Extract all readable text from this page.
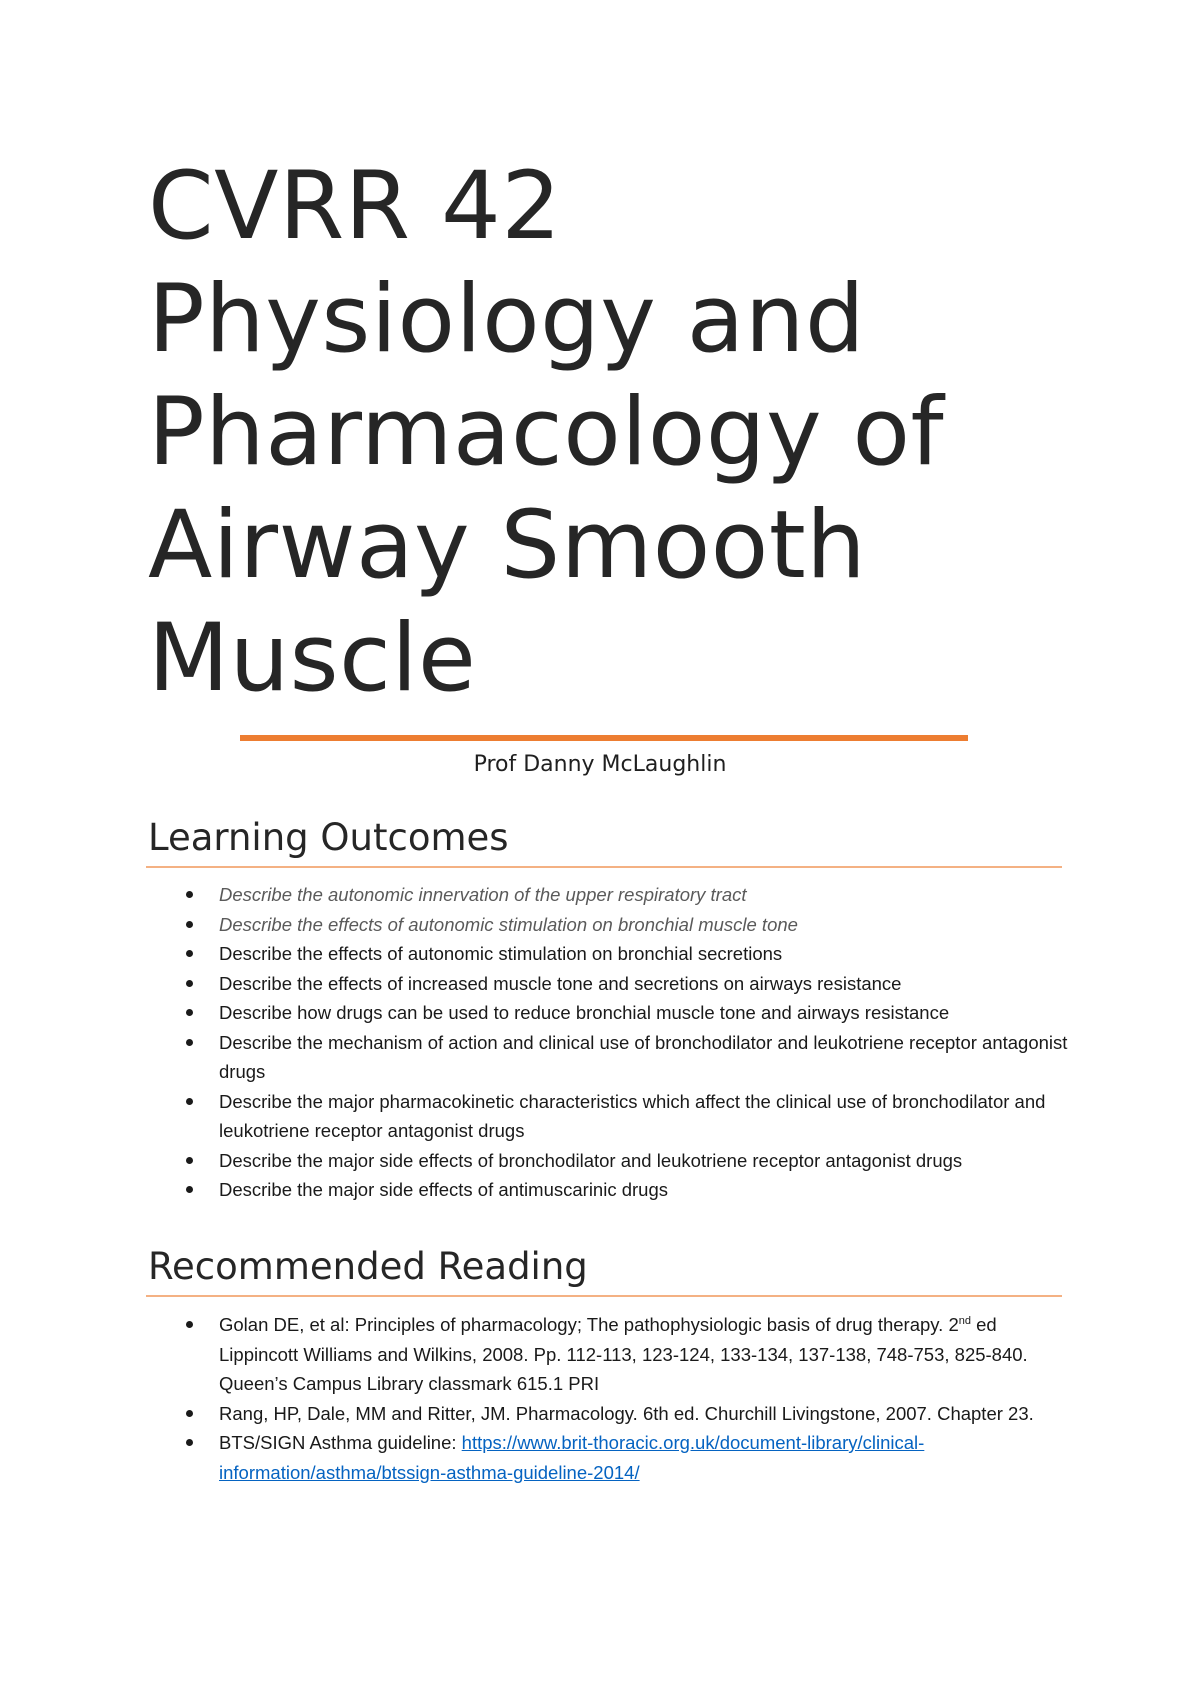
CVRR 42
Physiology and
Pharmacology of
Airway Smooth
Muscle
Prof Danny McLaughlin
Learning Outcomes
Describe the autonomic innervation of the upper respiratory tract
Describe the effects of autonomic stimulation on bronchial muscle tone
Describe the effects of autonomic stimulation on bronchial secretions
Describe the effects of increased muscle tone and secretions on airways resistance
Describe how drugs can be used to reduce bronchial muscle tone and airways resistance
Describe the mechanism of action and clinical use of bronchodilator and leukotriene receptor antagonist drugs
Describe the major pharmacokinetic characteristics which affect the clinical use of bronchodilator and leukotriene receptor antagonist drugs
Describe the major side effects of bronchodilator and leukotriene receptor antagonist drugs
Describe the major side effects of antimuscarinic drugs
Recommended Reading
Golan DE, et al: Principles of pharmacology; The pathophysiologic basis of drug therapy. 2nd ed Lippincott Williams and Wilkins, 2008. Pp. 112-113, 123-124, 133-134, 137-138, 748-753, 825-840. Queen’s Campus Library classmark 615.1 PRI
Rang, HP, Dale, MM and Ritter, JM. Pharmacology. 6th ed. Churchill Livingstone, 2007. Chapter 23.
BTS/SIGN Asthma guideline: https://www.brit-thoracic.org.uk/document-library/clinical-information/asthma/btssign-asthma-guideline-2014/
